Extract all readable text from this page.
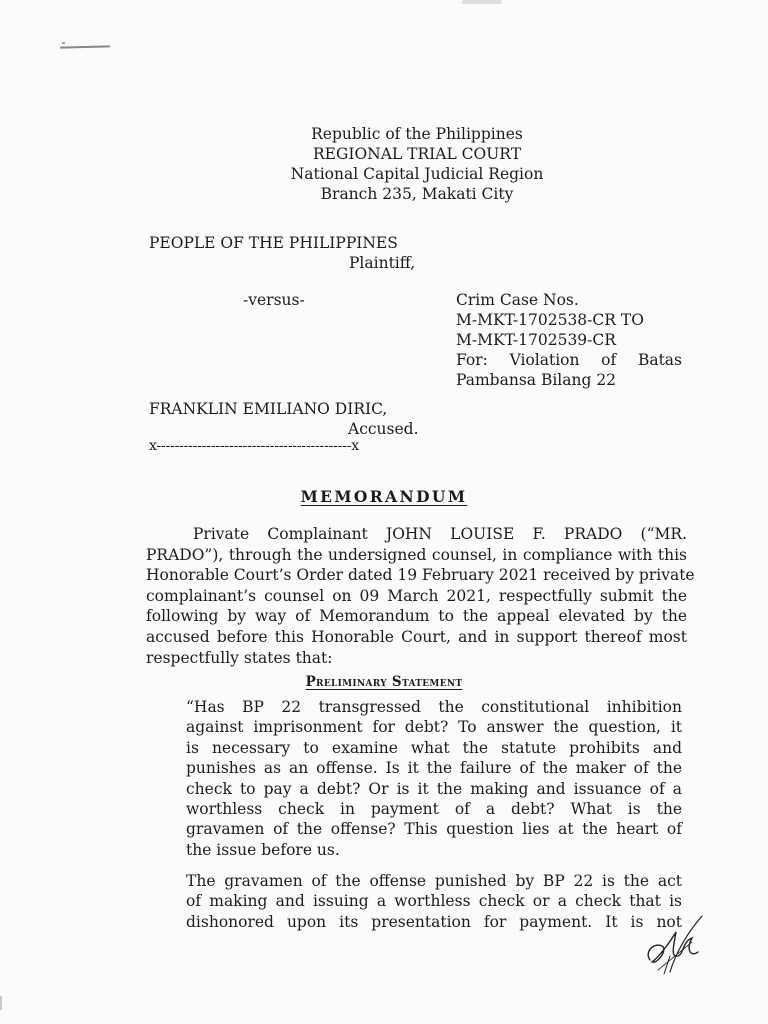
Republic of the Philippines
REGIONAL TRIAL COURT
National Capital Judicial Region
Branch 235, Makati City
PEOPLE OF THE PHILIPPINES
Plaintiff,
-versus-	Crim Case Nos.
M-MKT-1702538-CR TO
M-MKT-1702539-CR
For: Violation of Batas
Pambansa Bilang 22
FRANKLIN EMILIANO DIRIC,
Accused.
x-------------------------------------------x
MEMORANDUM
Private Complainant JOHN LOUISE F. PRADO (“MR.
PRADO”), through the undersigned counsel, in compliance with this
Honorable Court’s Order dated 19 February 2021 received by private
complainant’s counsel on 09 March 2021, respectfully submit the
following by way of Memorandum to the appeal elevated by the
accused before this Honorable Court, and in support thereof most
respectfully states that:
Preliminary Statement
“Has BP 22 transgressed the constitutional inhibition
against imprisonment for debt? To answer the question, it
is necessary to examine what the statute prohibits and
punishes as an offense. Is it the failure of the maker of the
check to pay a debt? Or is it the making and issuance of a
worthless check in payment of a debt? What is the
gravamen of the offense? This question lies at the heart of
the issue before us.
The gravamen of the offense punished by BP 22 is the act
of making and issuing a worthless check or a check that is
dishonored upon its presentation for payment. It is not
